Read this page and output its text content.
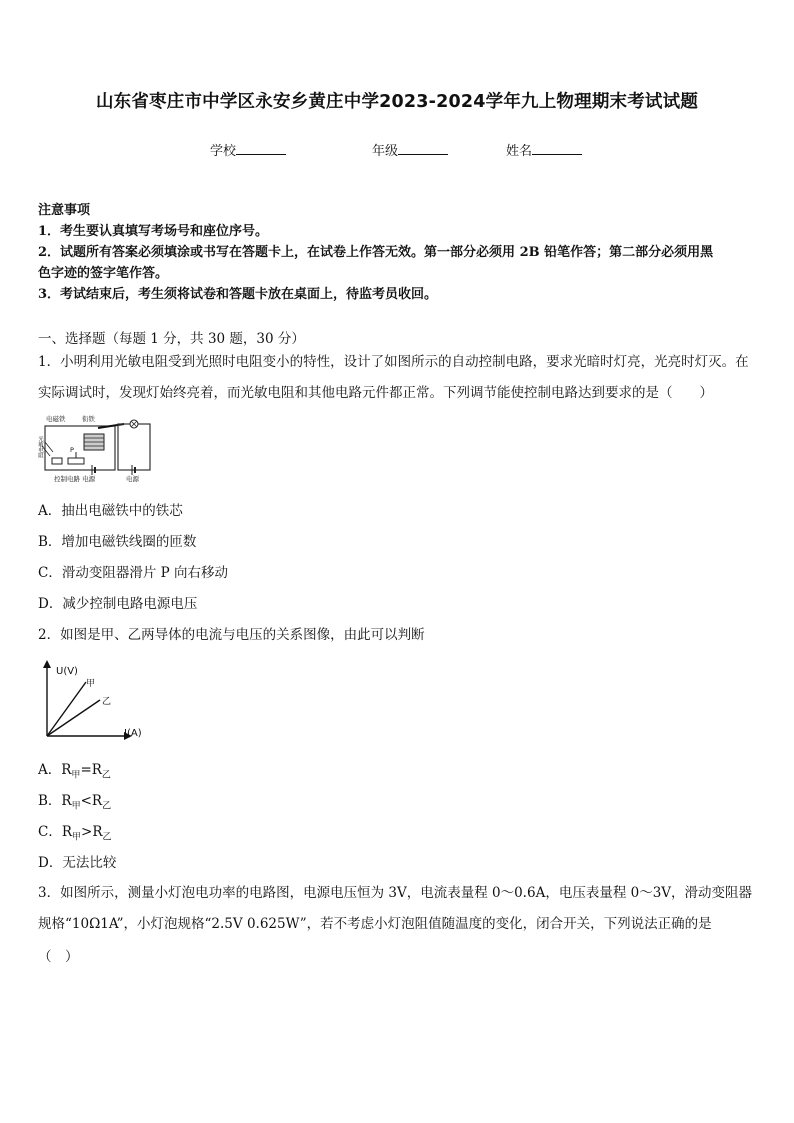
山东省枣庄市中学区永安乡黄庄中学2023-2024学年九上物理期末考试试题
学校	年级	姓名
注意事项
1．考生要认真填写考场号和座位序号。
2．试题所有答案必须填涂或书写在答题卡上，在试卷上作答无效。第一部分必须用 2B 铅笔作答；第二部分必须用黑
色字迹的签字笔作答。
3．考试结束后，考生须将试卷和答题卡放在桌面上，待监考员收回。
一、选择题（每题 1 分，共 30 题，30 分）
1．小明利用光敏电阻受到光照时电阻变小的特性，设计了如图所示的自动控制电路，要求光暗时灯亮，光亮时灯灭。在实际调试时，发现灯始终亮着，而光敏电阻和其他电路元件都正常。下列调节能使控制电路达到要求的是（　　）
电磁铁	衔铁
P
控制电路 电源	电源
光敏电阻
A．抽出电磁铁中的铁芯
B．增加电磁铁线圈的匝数
C．滑动变阻器滑片 P 向右移动
D．减少控制电路电源电压
2．如图是甲、乙两导体的电流与电压的关系图像，由此可以判断
U(V)
I(A)
甲
乙
A．$R_甲=R_乙$
B．$R_甲<R_乙$
C．$R_甲>R_乙$
D．无法比较
3．如图所示，测量小灯泡电功率的电路图，电源电压恒为 3V，电流表量程 0～0.6A，电压表量程 0～3V，滑动变阻器规格“10Ω1A”，小灯泡规格“2.5V 0.625W”，若不考虑小灯泡阻值随温度的变化，闭合开关，下列说法正确的是
（　）
